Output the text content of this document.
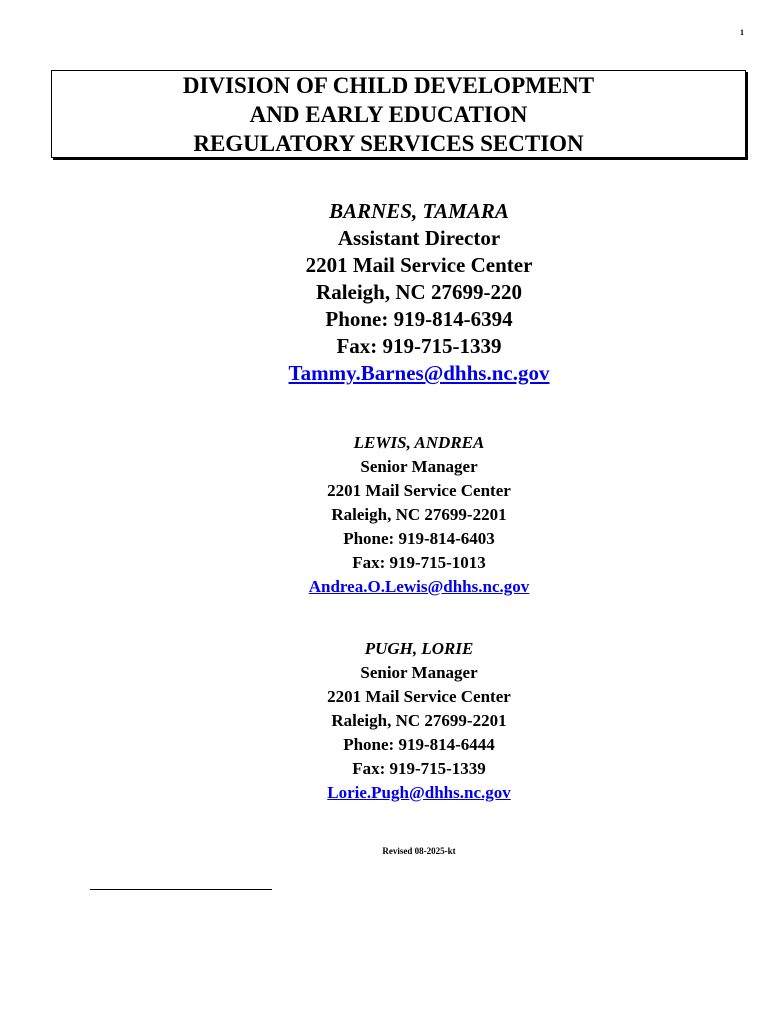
1
DIVISION OF CHILD DEVELOPMENT
AND EARLY EDUCATION
REGULATORY SERVICES SECTION
BARNES, TAMARA
Assistant Director
2201 Mail Service Center
Raleigh, NC 27699-220
Phone: 919-814-6394
Fax: 919-715-1339
Tammy.Barnes@dhhs.nc.gov
LEWIS, ANDREA
Senior Manager
2201 Mail Service Center
Raleigh, NC 27699-2201
Phone: 919-814-6403
Fax: 919-715-1013
Andrea.O.Lewis@dhhs.nc.gov
PUGH, LORIE
Senior Manager
2201 Mail Service Center
Raleigh, NC 27699-2201
Phone: 919-814-6444
Fax: 919-715-1339
Lorie.Pugh@dhhs.nc.gov
Revised 08-2025-kt
